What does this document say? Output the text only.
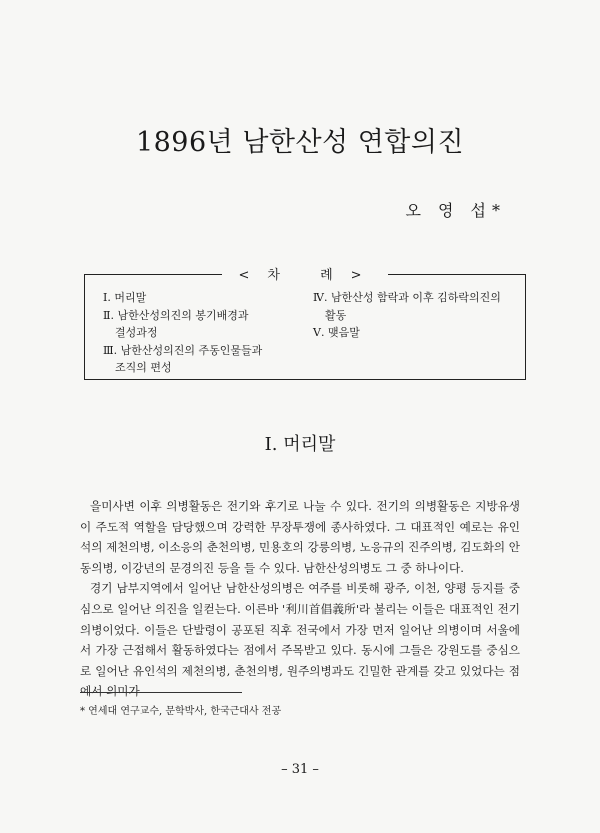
1896년 남한산성 연합의진
오 영 섭*
<차 례>
Ⅰ. 머리말
Ⅱ. 남한산성의진의 봉기배경과
결성과정
Ⅲ. 남한산성의진의 주동인물들과
조직의 편성
Ⅳ. 남한산성 함락과 이후 김하락의진의
활동
Ⅴ. 맺음말
Ⅰ. 머리말

을미사변 이후 의병활동은 전기와 후기로 나눌 수 있다. 전기의 의병활동은 지방유생이 주도적 역할을 담당했으며 강력한 무장투쟁에 종사하였다. 그 대표적인 예로는 유인석의 제천의병, 이소응의 춘천의병, 민용호의 강릉의병, 노응규의 진주의병, 김도화의 안동의병, 이강년의 문경의진 등을 들 수 있다. 남한산성의병도 그 중 하나이다.

경기 남부지역에서 일어난 남한산성의병은 여주를 비롯해 광주, 이천, 양평 등지를 중심으로 일어난 의진을 일컫는다. 이른바 '利川首倡義所'라 불리는 이들은 대표적인 전기의병이었다. 이들은 단발령이 공포된 직후 전국에서 가장 먼저 일어난 의병이며 서울에서 가장 근접해서 활동하였다는 점에서 주목받고 있다. 동시에 그들은 강원도를 중심으로 일어난 유인석의 제천의병, 춘천의병, 원주의병과도 긴밀한 관계를 갖고 있었다는 점에서 의미가

* 연세대 연구교수, 문학박사, 한국근대사 전공
– 31 –
